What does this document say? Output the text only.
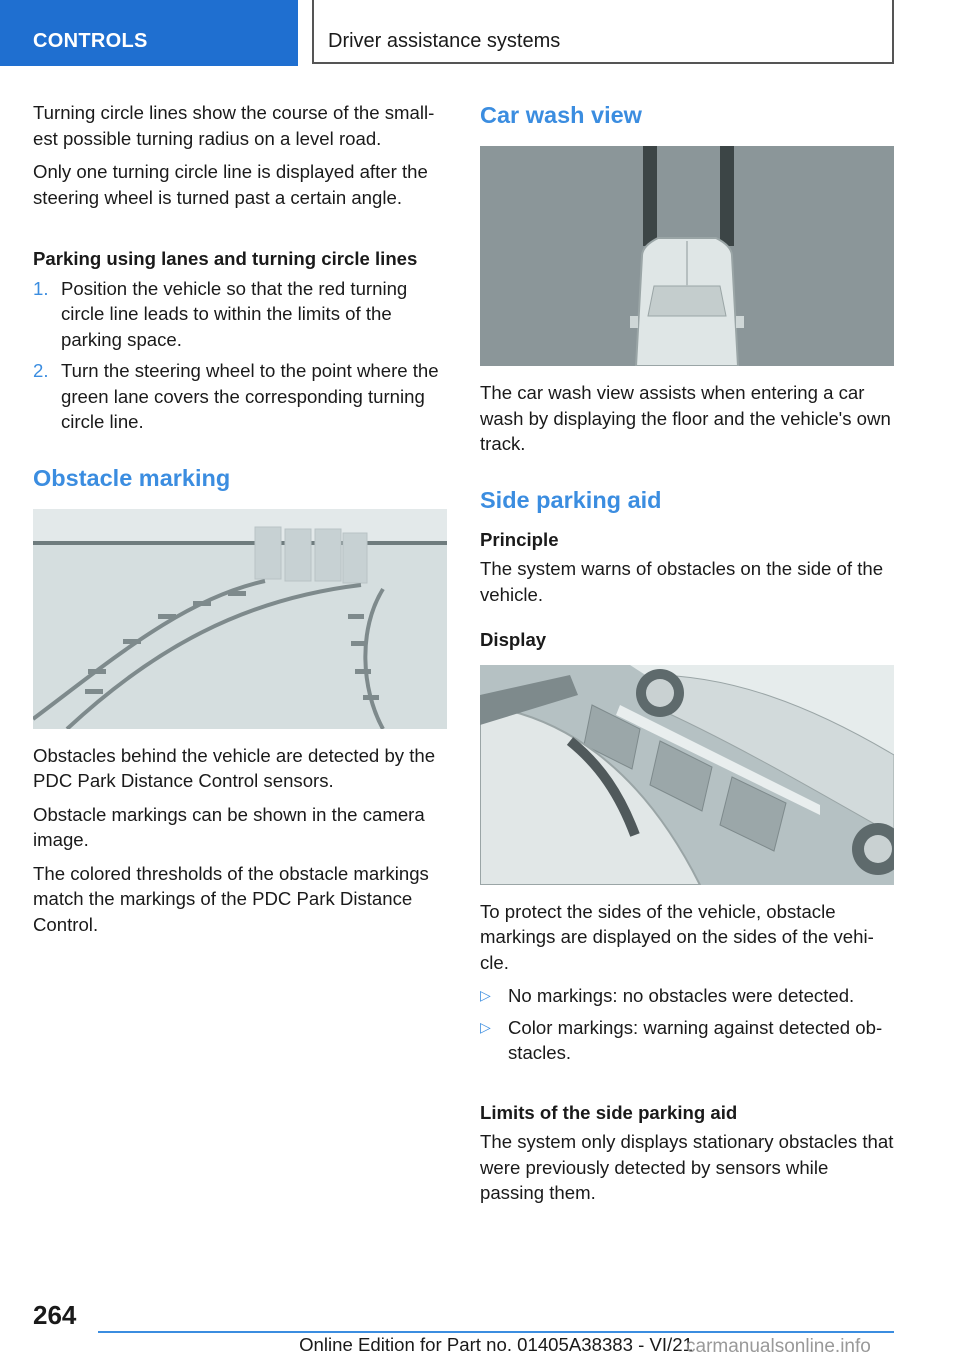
CONTROLS	Driver assistance systems

Turning circle lines show the course of the small‐est possible turning radius on a level road.

Only one turning circle line is displayed after the steering wheel is turned past a certain angle.

Parking using lanes and turning circle lines
1. Position the vehicle so that the red turning circle line leads to within the limits of the parking space.
2. Turn the steering wheel to the point where the green lane covers the corresponding turning circle line.
Obstacle marking

Obstacles behind the vehicle are detected by the PDC Park Distance Control sensors.

Obstacle markings can be shown in the camera image.

The colored thresholds of the obstacle markings match the markings of the PDC Park Distance Control.

Car wash view

The car wash view assists when entering a car wash by displaying the floor and the vehicle's own track.

Side parking aid
Principle

The system warns of obstacles on the side of the vehicle.

Display

To protect the sides of the vehicle, obstacle markings are displayed on the sides of the vehi‐cle.

▷ No markings: no obstacles were detected.
▷ Color markings: warning against detected ob‐stacles.
Limits of the side parking aid

The system only displays stationary obstacles that were previously detected by sensors while passing them.

264
Online Edition for Part no. 01405A38383 - VI/21
carmanualsonline.info
